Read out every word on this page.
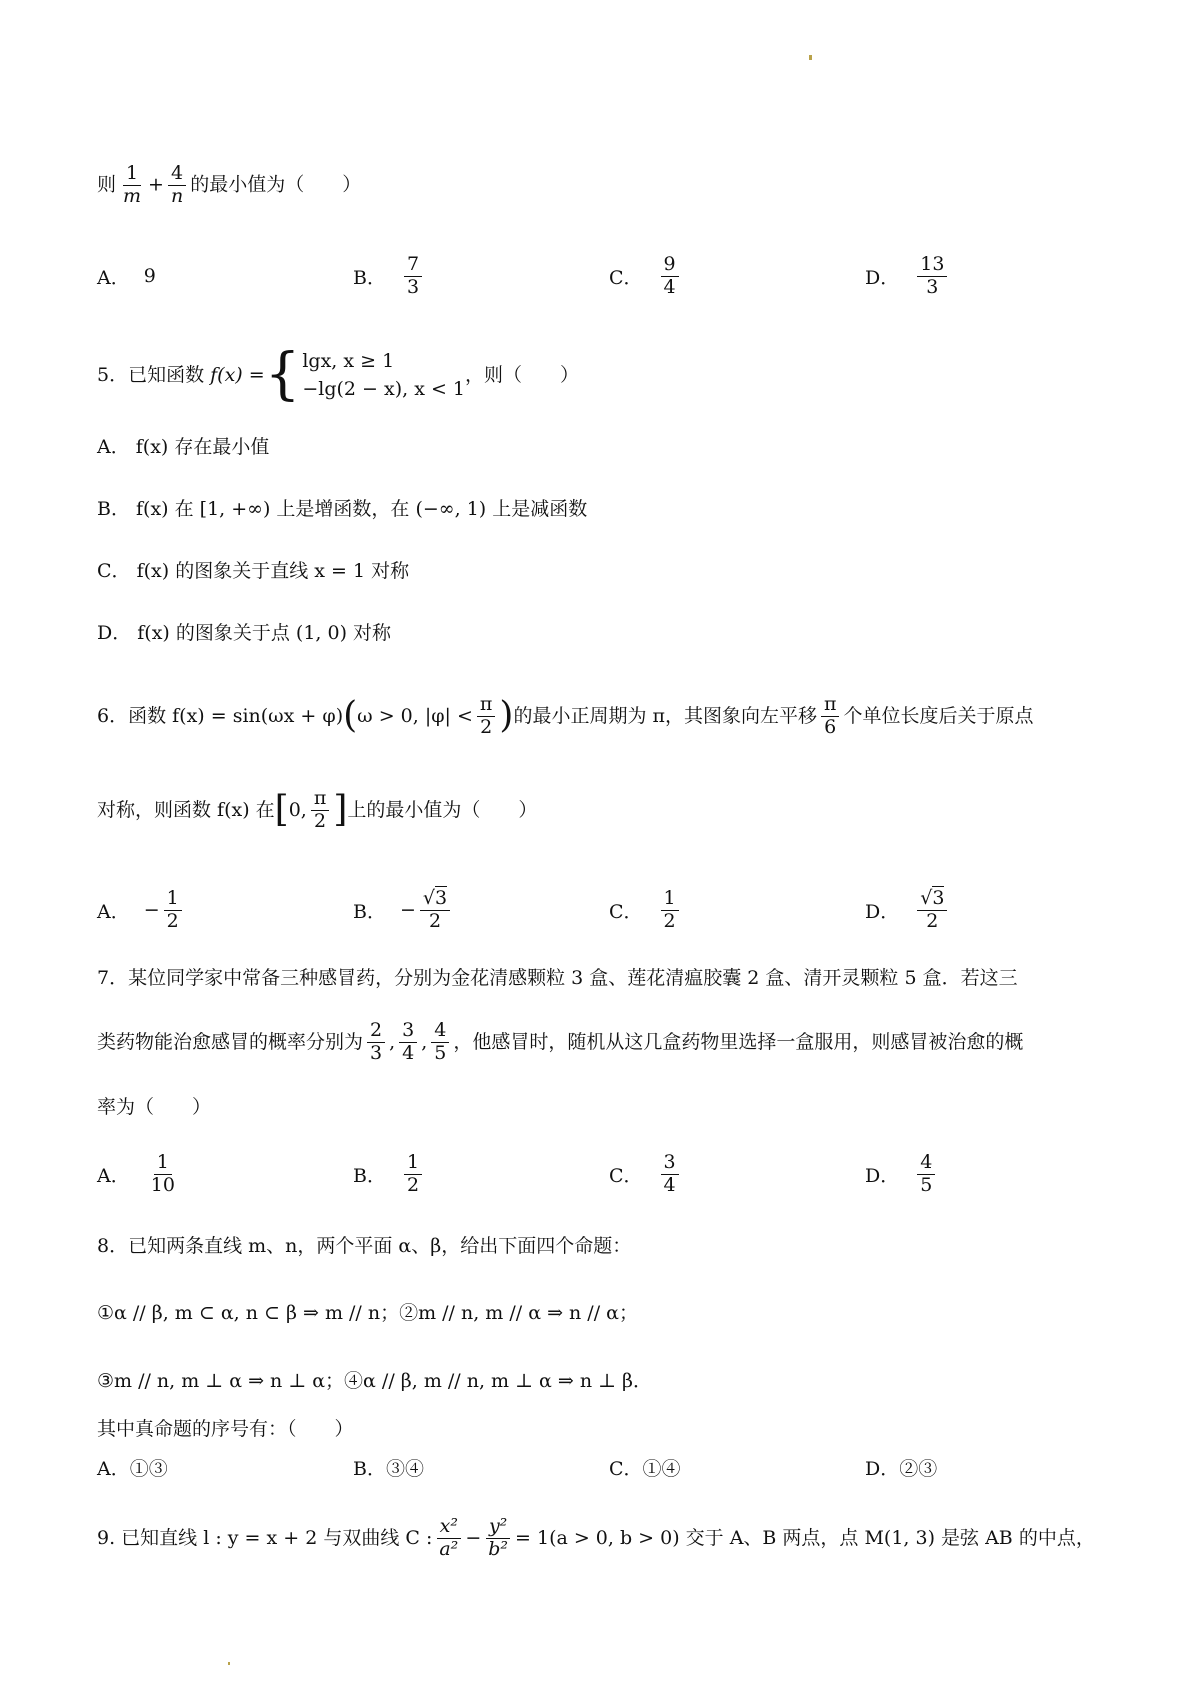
则 $\frac{1}{m} + \frac{4}{n}$ 的最小值为（　　）
A． 9	B． $\frac{7}{3}$	C． $\frac{9}{4}$	D． $\frac{13}{3}$
5．已知函数
f(x) = { lgx, x ≥ 1
−lg(2 − x), x < 1
，则（　　）
A． f(x) 存在最小值
B． f(x) 在 [1, +∞) 上是增函数，在 (−∞, 1) 上是减函数
C． f(x) 的图象关于直线 x = 1 对称
D． f(x) 的图象关于点 (1, 0) 对称
6．函数 f(x) = sin(ωx + φ) ( ω > 0, $|\varphi| < \frac{\pi}{2}$ ) 的最小正周期为 π，其图象向左平移 $\frac{\pi}{6}$ 个单位长度后关于原点
对称，则函数 f(x) 在 [ 0, $\frac{\pi}{2}$ ] 上的最小值为（　　）
A． − $\frac{1}{2}$	B． − √ $\frac{3}{2}$	C． $\frac{1}{2}$	D． √ $\frac{3}{2}$
7．某位同学家中常备三种感冒药，分别为金花清感颗粒 3 盒、莲花清瘟胶囊 2 盒、清开灵颗粒 5 盒．若这三
类药物能治愈感冒的概率分别为 $\frac{2}{3}$ , $\frac{3}{4}$ , $\frac{4}{5}$ ，他感冒时，随机从这几盒药物里选择一盒服用，则感冒被治愈的概
率为（　　）
A． $\frac{1}{10}$	B． $\frac{1}{2}$	C． $\frac{3}{4}$	D． $\frac{4}{5}$
8．已知两条直线 m、n，两个平面 α、β，给出下面四个命题：
①α // β, m ⊂ α, n ⊂ β ⇒ m // n；②m // n, m // α ⇒ n // α；
③m // n, m ⊥ α ⇒ n ⊥ α；④α // β, m // n, m ⊥ α ⇒ n ⊥ β．
其中真命题的序号有：（　　）
A．①③	B．③④	C．①④	D．②③
9. 已知直线 l : y = x + 2 与双曲线 C : $\frac{\text{x²}}{\text{a²}} - \frac{\text{y²}}{\text{b²}} = 1(a > 0$, b > 0) 交于 A、B 两点，点 M(1, 3) 是弦 AB 的中点，
